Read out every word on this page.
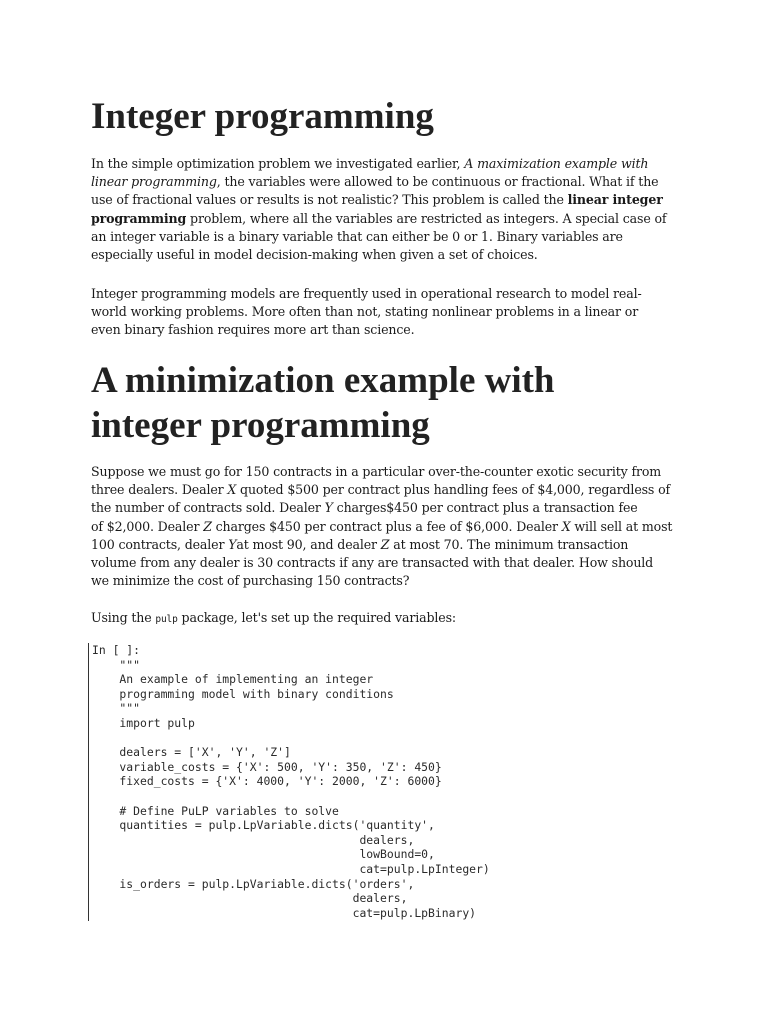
Integer programming

In the simple optimization problem we investigated earlier, A maximization example with
linear programming, the variables were allowed to be continuous or fractional. What if the
use of fractional values or results is not realistic? This problem is called the linear integer
programming problem, where all the variables are restricted as integers. A special case of
an integer variable is a binary variable that can either be 0 or 1. Binary variables are
especially useful in model decision-making when given a set of choices.

Integer programming models are frequently used in operational research to model real-
world working problems. More often than not, stating nonlinear problems in a linear or
even binary fashion requires more art than science.

A minimization example with
integer programming

Suppose we must go for 150 contracts in a particular over-the-counter exotic security from
three dealers. Dealer X quoted $500 per contract plus handling fees of $4,000, regardless of
the number of contracts sold. Dealer Y charges$450 per contract plus a transaction fee
of $2,000. Dealer Z charges $450 per contract plus a fee of $6,000. Dealer X will sell at most
100 contracts, dealer Yat most 90, and dealer Z at most 70. The minimum transaction
volume from any dealer is 30 contracts if any are transacted with that dealer. How should
we minimize the cost of purchasing 150 contracts?

Using the pulp package, let's set up the required variables:

In [ ]:
"""
An example of implementing an integer
programming model with binary conditions
"""
import pulp
dealers = ['X', 'Y', 'Z']
variable_costs = {'X': 500, 'Y': 350, 'Z': 450}
fixed_costs = {'X': 4000, 'Y': 2000, 'Z': 6000}
# Define PuLP variables to solve
quantities = pulp.LpVariable.dicts('quantity',
dealers,
lowBound=0,
cat=pulp.LpInteger)
is_orders = pulp.LpVariable.dicts('orders',
dealers,
cat=pulp.LpBinary)
